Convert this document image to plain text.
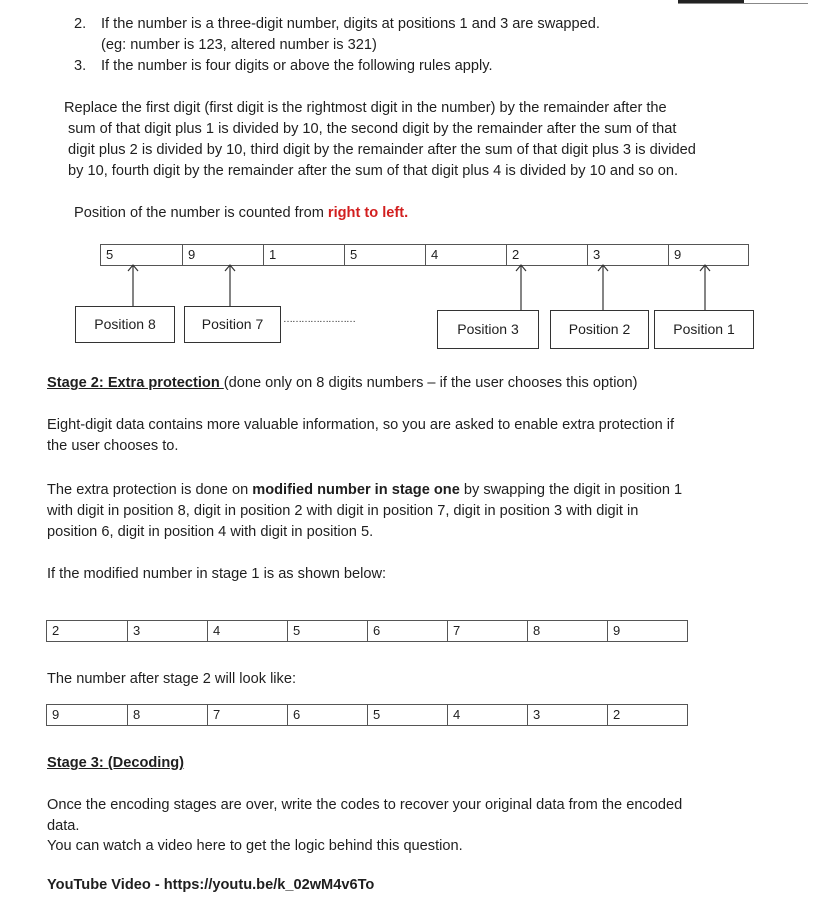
2. If the number is a three-digit number, digits at positions 1 and 3 are swapped.
(eg: number is 123, altered number is 321)
3. If the number is four digits or above the following rules apply.
Replace the first digit (first digit is the rightmost digit in the number) by the remainder after the
sum of that digit plus 1 is divided by 10, the second digit by the remainder after the sum of that
digit plus 2 is divided by 10, third digit by the remainder after the sum of that digit plus 3 is divided
by 10, fourth digit by the remainder after the sum of that digit plus 4 is divided by 10 and so on.
Position of the number is counted from right to left.
5	9	1	5	4	2	3	9
Position 8	Position 7	……………………
Position 3	Position 2	Position 1
Stage 2: Extra protection (done only on 8 digits numbers – if the user chooses this option)
Eight-digit data contains more valuable information, so you are asked to enable extra protection if
the user chooses to.
The extra protection is done on modified number in stage one by swapping the digit in position 1
with digit in position 8, digit in position 2 with digit in position 7, digit in position 3 with digit in
position 6, digit in position 4 with digit in position 5.
If the modified number in stage 1 is as shown below:
2	3	4	5	6	7	8	9
The number after stage 2 will look like:
9	8	7	6	5	4	3	2
Stage 3: (Decoding)
Once the encoding stages are over, write the codes to recover your original data from the encoded
data.
You can watch a video here to get the logic behind this question.
YouTube Video - https://youtu.be/k_02wM4v6To
